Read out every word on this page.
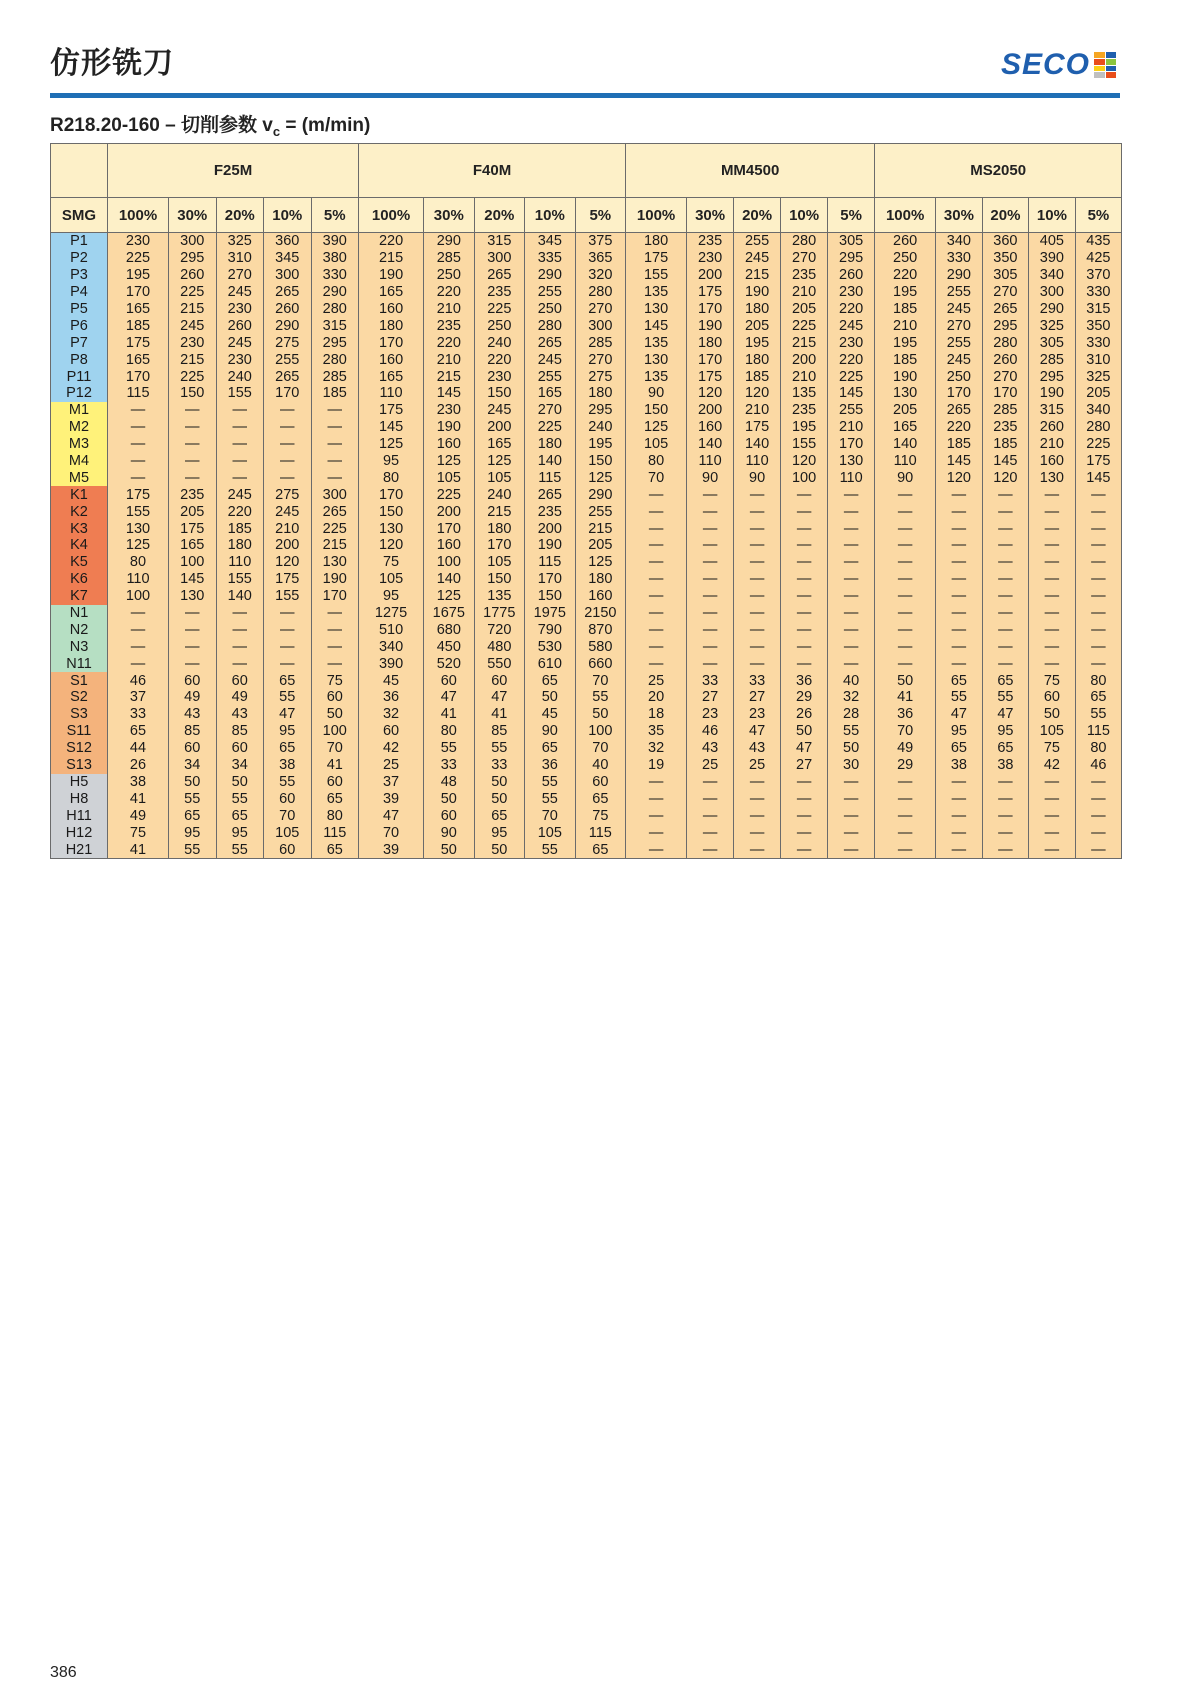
仿形铣刀	SECO
R218.20-160 – 切削参数 $v_c = (m/\min)$
	F25M					F40M					MM4500					MS2050				
SMG	100%	30%	20%	10%	5%	100%	30%	20%	10%	5%	100%	30%	20%	10%	5%	100%	30%	20%	10%	5%
P1	230	300	325	360	390	220	290	315	345	375	180	235	255	280	305	260	340	360	405	435
P2	225	295	310	345	380	215	285	300	335	365	175	230	245	270	295	250	330	350	390	425
P3	195	260	270	300	330	190	250	265	290	320	155	200	215	235	260	220	290	305	340	370
P4	170	225	245	265	290	165	220	235	255	280	135	175	190	210	230	195	255	270	300	330
P5	165	215	230	260	280	160	210	225	250	270	130	170	180	205	220	185	245	265	290	315
P6	185	245	260	290	315	180	235	250	280	300	145	190	205	225	245	210	270	295	325	350
P7	175	230	245	275	295	170	220	240	265	285	135	180	195	215	230	195	255	280	305	330
P8	165	215	230	255	280	160	210	220	245	270	130	170	180	200	220	185	245	260	285	310
P11	170	225	240	265	285	165	215	230	255	275	135	175	185	210	225	190	250	270	295	325
P12	115	150	155	170	185	110	145	150	165	180	90	120	120	135	145	130	170	170	190	205
M1	—	—	—	—	—	175	230	245	270	295	150	200	210	235	255	205	265	285	315	340
M2	—	—	—	—	—	145	190	200	225	240	125	160	175	195	210	165	220	235	260	280
M3	—	—	—	—	—	125	160	165	180	195	105	140	140	155	170	140	185	185	210	225
M4	—	—	—	—	—	95	125	125	140	150	80	110	110	120	130	110	145	145	160	175
M5	—	—	—	—	—	80	105	105	115	125	70	90	90	100	110	90	120	120	130	145
K1	175	235	245	275	300	170	225	240	265	290	—	—	—	—	—	—	—	—	—	—
K2	155	205	220	245	265	150	200	215	235	255	—	—	—	—	—	—	—	—	—	—
K3	130	175	185	210	225	130	170	180	200	215	—	—	—	—	—	—	—	—	—	—
K4	125	165	180	200	215	120	160	170	190	205	—	—	—	—	—	—	—	—	—	—
K5	80	100	110	120	130	75	100	105	115	125	—	—	—	—	—	—	—	—	—	—
K6	110	145	155	175	190	105	140	150	170	180	—	—	—	—	—	—	—	—	—	—
K7	100	130	140	155	170	95	125	135	150	160	—	—	—	—	—	—	—	—	—	—
N1	—	—	—	—	—	1275	1675	1775	1975	2150	—	—	—	—	—	—	—	—	—	—
N2	—	—	—	—	—	510	680	720	790	870	—	—	—	—	—	—	—	—	—	—
N3	—	—	—	—	—	340	450	480	530	580	—	—	—	—	—	—	—	—	—	—
N11	—	—	—	—	—	390	520	550	610	660	—	—	—	—	—	—	—	—	—	—
S1	46	60	60	65	75	45	60	60	65	70	25	33	33	36	40	50	65	65	75	80
S2	37	49	49	55	60	36	47	47	50	55	20	27	27	29	32	41	55	55	60	65
S3	33	43	43	47	50	32	41	41	45	50	18	23	23	26	28	36	47	47	50	55
S11	65	85	85	95	100	60	80	85	90	100	35	46	47	50	55	70	95	95	105	115
S12	44	60	60	65	70	42	55	55	65	70	32	43	43	47	50	49	65	65	75	80
S13	26	34	34	38	41	25	33	33	36	40	19	25	25	27	30	29	38	38	42	46
H5	38	50	50	55	60	37	48	50	55	60	—	—	—	—	—	—	—	—	—	—
H8	41	55	55	60	65	39	50	50	55	65	—	—	—	—	—	—	—	—	—	—
H11	49	65	65	70	80	47	60	65	70	75	—	—	—	—	—	—	—	—	—	—
H12	75	95	95	105	115	70	90	95	105	115	—	—	—	—	—	—	—	—	—	—
H21	41	55	55	60	65	39	50	50	55	65	—	—	—	—	—	—	—	—	—	—
386
